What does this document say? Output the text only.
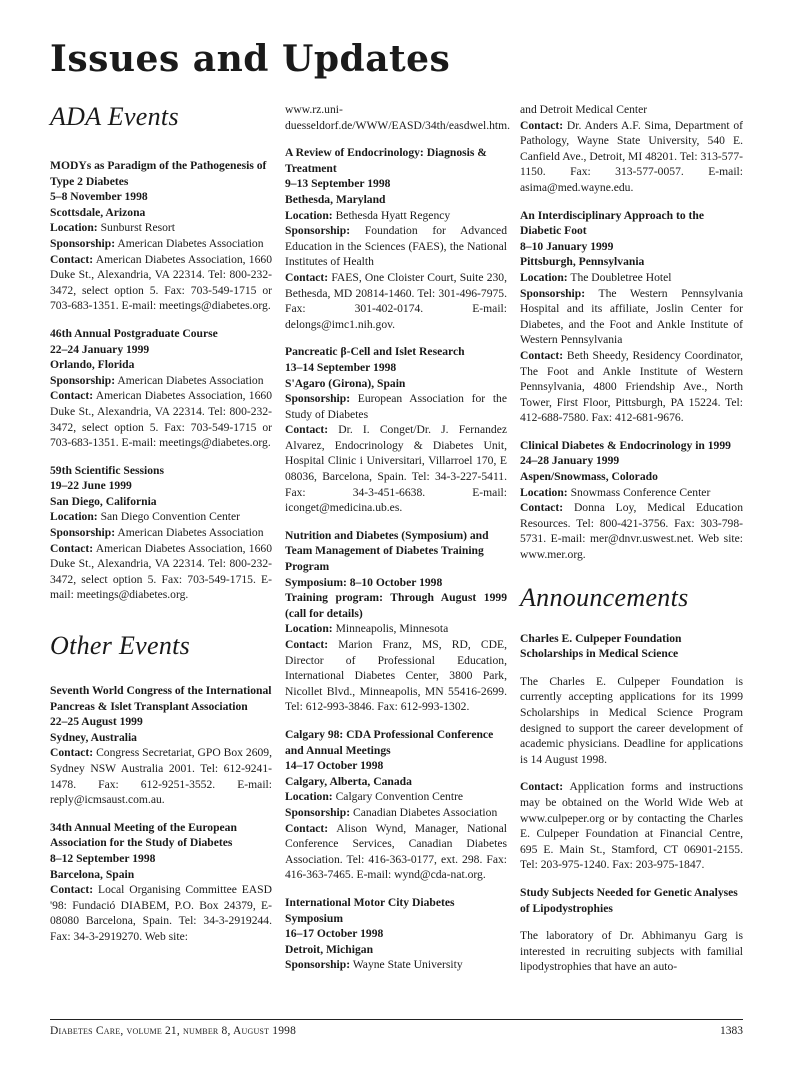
Issues and Updates
ADA Events
MODYs as Paradigm of the Pathogenesis of Type 2 Diabetes
5–8 November 1998
Scottsdale, Arizona
Location: Sunburst Resort
Sponsorship: American Diabetes Association
Contact: American Diabetes Association, 1660 Duke St., Alexandria, VA 22314. Tel: 800-232-3472, select option 5. Fax: 703-549-1715 or 703-683-1351. E-mail: meetings@diabetes.org.
46th Annual Postgraduate Course
22–24 January 1999
Orlando, Florida
Sponsorship: American Diabetes Association
Contact: American Diabetes Association, 1660 Duke St., Alexandria, VA 22314. Tel: 800-232-3472, select option 5. Fax: 703-549-1715 or 703-683-1351. E-mail: meetings@diabetes.org.
59th Scientific Sessions
19–22 June 1999
San Diego, California
Location: San Diego Convention Center
Sponsorship: American Diabetes Association
Contact: American Diabetes Association, 1660 Duke St., Alexandria, VA 22314. Tel: 800-232-3472, select option 5. Fax: 703-549-1715. E-mail: meetings@diabetes.org.
Other Events
Seventh World Congress of the International Pancreas & Islet Transplant Association
22–25 August 1999
Sydney, Australia
Contact: Congress Secretariat, GPO Box 2609, Sydney NSW Australia 2001. Tel: 612-9241-1478. Fax: 612-9251-3552. E-mail: reply@icmsaust.com.au.
34th Annual Meeting of the European Association for the Study of Diabetes
8–12 September 1998
Barcelona, Spain
Contact: Local Organising Committee EASD '98: Fundació DIABEM, P.O. Box 24379, E-08080 Barcelona, Spain. Tel: 34-3-2919244. Fax: 34-3-2919270. Web site:
www.rz.uni-duesseldorf.de/WWW/EASD/34th/easdwel.htm.
A Review of Endocrinology: Diagnosis & Treatment
9–13 September 1998
Bethesda, Maryland
Location: Bethesda Hyatt Regency
Sponsorship: Foundation for Advanced Education in the Sciences (FAES), the National Institutes of Health
Contact: FAES, One Cloister Court, Suite 230, Bethesda, MD 20814-1460. Tel: 301-496-7975. Fax: 301-402-0174. E-mail: delongs@imc1.nih.gov.
Pancreatic β-Cell and Islet Research
13–14 September 1998
S'Agaro (Girona), Spain
Sponsorship: European Association for the Study of Diabetes
Contact: Dr. I. Conget/Dr. J. Fernandez Alvarez, Endocrinology & Diabetes Unit, Hospital Clinic i Universitari, Villarroel 170, E 08036, Barcelona, Spain. Tel: 34-3-227-5411. Fax: 34-3-451-6638. E-mail: iconget@medicina.ub.es.
Nutrition and Diabetes (Symposium) and Team Management of Diabetes Training Program
Symposium: 8–10 October 1998
Training program: Through August 1999 (call for details)
Location: Minneapolis, Minnesota
Contact: Marion Franz, MS, RD, CDE, Director of Professional Education, International Diabetes Center, 3800 Park, Nicollet Blvd., Minneapolis, MN 55416-2699. Tel: 612-993-3846. Fax: 612-993-1302.
Calgary 98: CDA Professional Conference and Annual Meetings
14–17 October 1998
Calgary, Alberta, Canada
Location: Calgary Convention Centre
Sponsorship: Canadian Diabetes Association
Contact: Alison Wynd, Manager, National Conference Services, Canadian Diabetes Association. Tel: 416-363-0177, ext. 298. Fax: 416-363-7465. E-mail: wynd@cda-nat.org.
International Motor City Diabetes Symposium
16–17 October 1998
Detroit, Michigan
Sponsorship: Wayne State University
and Detroit Medical Center
Contact: Dr. Anders A.F. Sima, Department of Pathology, Wayne State University, 540 E. Canfield Ave., Detroit, MI 48201. Tel: 313-577-1150. Fax: 313-577-0057. E-mail: asima@med.wayne.edu.
An Interdisciplinary Approach to the Diabetic Foot
8–10 January 1999
Pittsburgh, Pennsylvania
Location: The Doubletree Hotel
Sponsorship: The Western Pennsylvania Hospital and its affiliate, Joslin Center for Diabetes, and the Foot and Ankle Institute of Western Pennsylvania
Contact: Beth Sheedy, Residency Coordinator, The Foot and Ankle Institute of Western Pennsylvania, 4800 Friendship Ave., North Tower, First Floor, Pittsburgh, PA 15224. Tel: 412-688-7580. Fax: 412-681-9676.
Clinical Diabetes & Endocrinology in 1999
24–28 January 1999
Aspen/Snowmass, Colorado
Location: Snowmass Conference Center
Contact: Donna Loy, Medical Education Resources. Tel: 800-421-3756. Fax: 303-798-5731. E-mail: mer@dnvr.uswest.net. Web site: www.mer.org.
Announcements
Charles E. Culpeper Foundation Scholarships in Medical Science
The Charles E. Culpeper Foundation is currently accepting applications for its 1999 Scholarships in Medical Science Program designed to support the career development of academic physicians. Deadline for applications is 14 August 1998.
Contact: Application forms and instructions may be obtained on the World Wide Web at www.culpeper.org or by contacting the Charles E. Culpeper Foundation at Financial Centre, 695 E. Main St., Stamford, CT 06901-2155. Tel: 203-975-1240. Fax: 203-975-1847.
Study Subjects Needed for Genetic Analyses of Lipodystrophies
The laboratory of Dr. Abhimanyu Garg is interested in recruiting subjects with familial lipodystrophies that have an auto-
Diabetes Care, volume 21, number 8, August 1998	1383
